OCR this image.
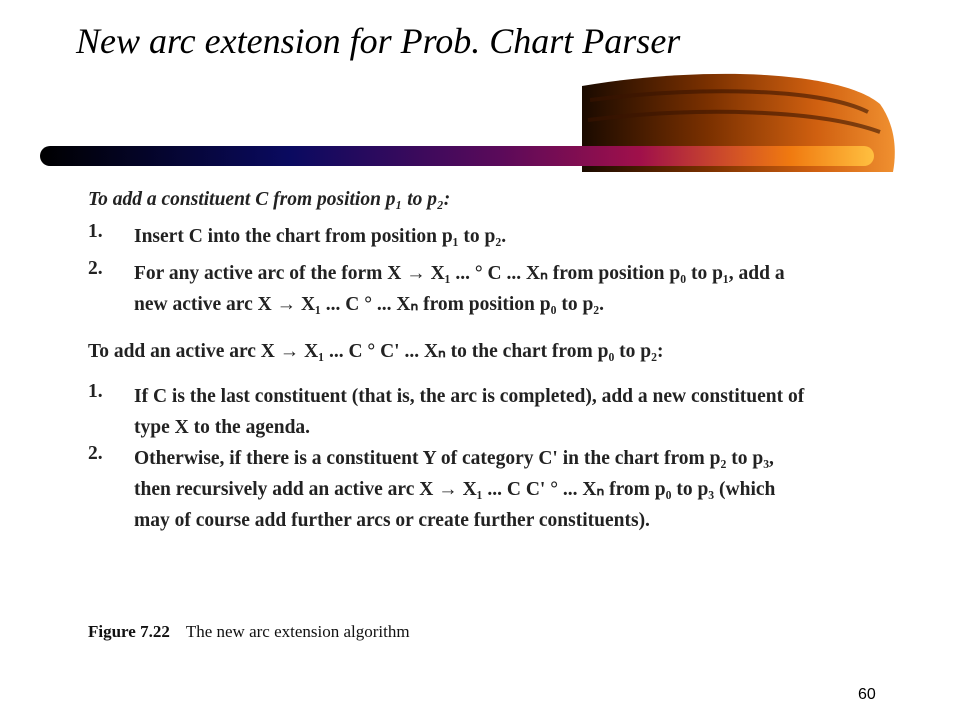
New arc extension for Prob. Chart Parser

To add a constituent C from position p₁ to p₂:

1.	Insert C into the chart from position p₁ to p₂.
2.	For any active arc of the form X → X₁ ... ° C ... Xₙ from position p₀ to p₁, add a
new active arc X → X₁ ... C ° ... Xₙ from position p₀ to p₂.

To add an active arc X → X₁ ... C ° C' ... Xₙ to the chart from p₀ to p₂:

1.	If C is the last constituent (that is, the arc is completed), add a new constituent of
type X to the agenda.
2.	Otherwise, if there is a constituent Y of category C' in the chart from p₂ to p₃,
then recursively add an active arc X → X₁ ... C C' ° ... Xₙ from p₀ to p₃ (which
may of course add further arcs or create further constituents).
Figure 7.22 The new arc extension algorithm
60
